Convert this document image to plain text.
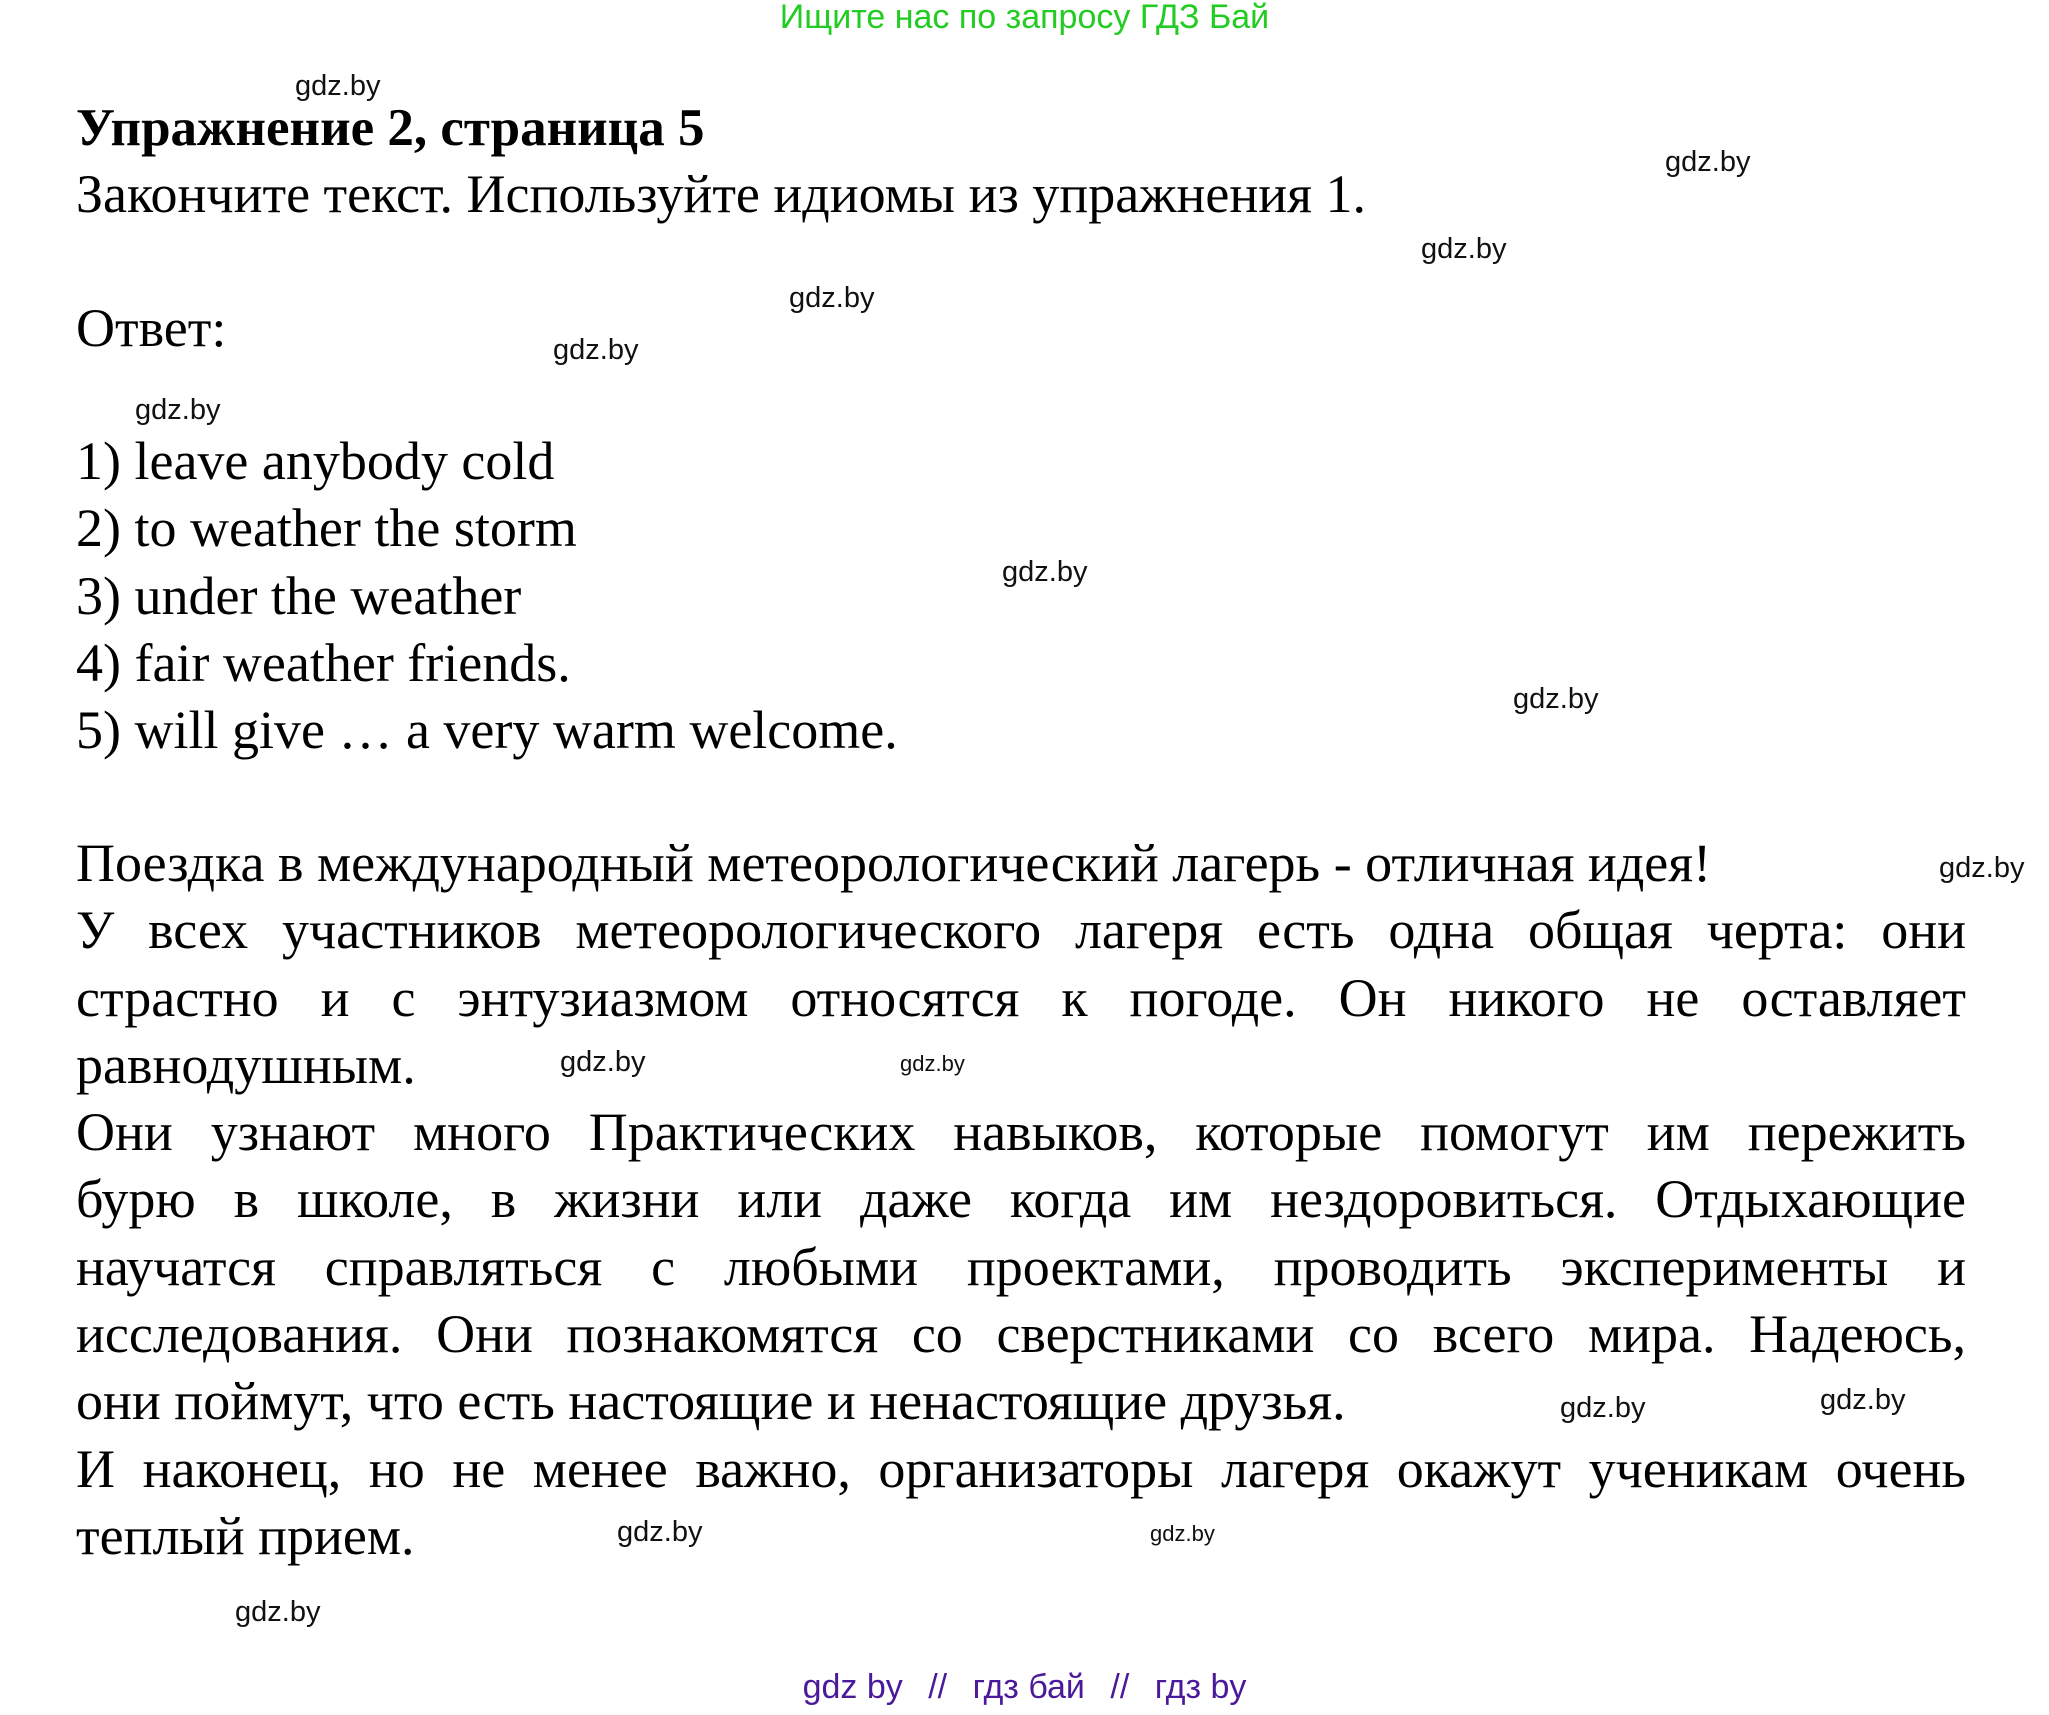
Ищите нас по запросу ГДЗ Бай
Упражнение 2, страница 5
Закончите текст. Используйте идиомы из упражнения 1.
Ответ:
1) leave anybody cold
2) to weather the storm
3) under the weather
4) fair weather friends.
5) will give … a very warm welcome.
Поездка в международный метеорологический лагерь - отличная идея!
У всех участников метеорологического лагеря есть одна общая черта: они
страстно и с энтузиазмом относятся к погоде. Он никого не оставляет
равнодушным.
Они узнают много Практических навыков, которые помогут им пережить
бурю в школе, в жизни или даже когда им нездоровиться. Отдыхающие
научатся справляться с любыми проектами, проводить эксперименты и
исследования. Они познакомятся со сверстниками со всего мира. Надеюсь,
они поймут, что есть настоящие и ненастоящие друзья.
И наконец, но не менее важно, организаторы лагеря окажут ученикам очень
теплый прием.
gdz.by
gdz.by
gdz.by
gdz.by
gdz.by
gdz.by
gdz.by
gdz.by
gdz.by
gdz.by
gdz.by
gdz.by
gdz.by
gdz.by
gdz.by
gdz.by
gdz by // гдз бай // гдз by
